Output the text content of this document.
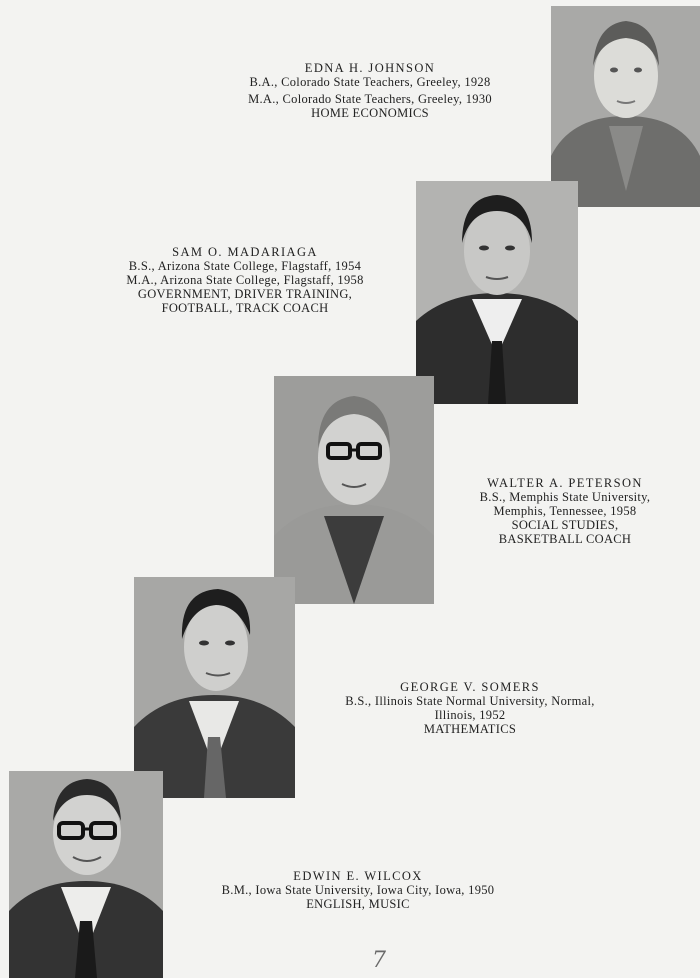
EDNA H. JOHNSON
B.A., Colorado State Teachers, Greeley, 1928
M.A., Colorado State Teachers, Greeley, 1930
HOME ECONOMICS
SAM O. MADARIAGA
B.S., Arizona State College, Flagstaff, 1954
M.A., Arizona State College, Flagstaff, 1958
GOVERNMENT, DRIVER TRAINING,
FOOTBALL, TRACK COACH
WALTER A. PETERSON
B.S., Memphis State University,
Memphis, Tennessee, 1958
SOCIAL STUDIES,
BASKETBALL COACH
GEORGE V. SOMERS
B.S., Illinois State Normal University, Normal,
Illinois, 1952
MATHEMATICS
EDWIN E. WILCOX
B.M., Iowa State University, Iowa City, Iowa, 1950
ENGLISH, MUSIC
7
